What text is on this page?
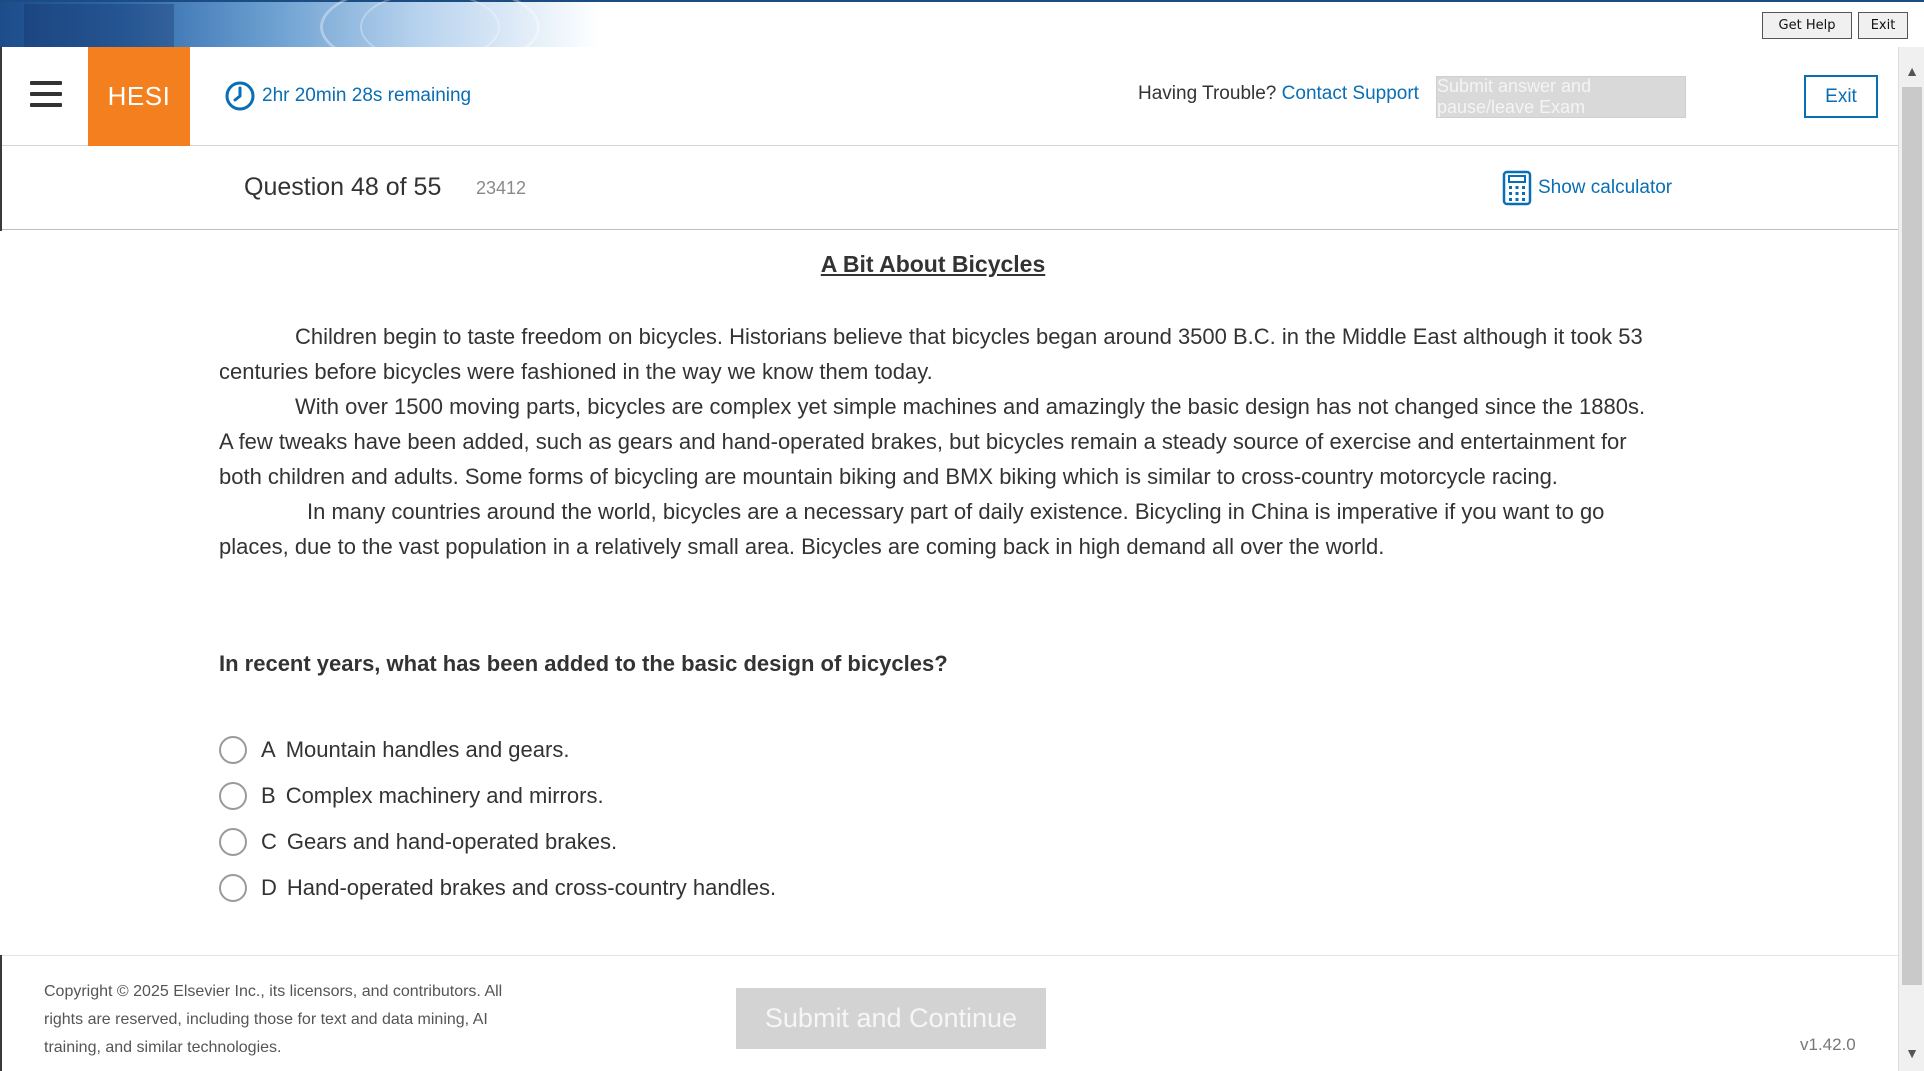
Get Help	Exit
HESI	2hr 20min 28s remaining	Having Trouble? Contact Support Submit answer and pause/leave Exam
Exit
Question 48 of 55 23412	Show calculator
A Bit About Bicycles

Children begin to taste freedom on bicycles. Historians believe that bicycles began around 3500 B.C. in the Middle East although it took 53 centuries before bicycles were fashioned in the way we know them today.

With over 1500 moving parts, bicycles are complex yet simple machines and amazingly the basic design has not changed since the 1880s. A few tweaks have been added, such as gears and hand-operated brakes, but bicycles remain a steady source of exercise and entertainment for both children and adults. Some forms of bicycling are mountain biking and BMX biking which is similar to cross-country motorcycle racing.

In many countries around the world, bicycles are a necessary part of daily existence. Bicycling in China is imperative if you want to go places, due to the vast population in a relatively small area. Bicycles are coming back in high demand all over the world.

In recent years, what has been added to the basic design of bicycles?
A Mountain handles and gears.
B Complex machinery and mirrors.
C Gears and hand-operated brakes.
D Hand-operated brakes and cross-country handles.
Copyright © 2025 Elsevier Inc., its licensors, and contributors. All rights are reserved, including those for text and data mining, AI training, and similar technologies.
Submit and Continue
v1.42.0
▲
▼
